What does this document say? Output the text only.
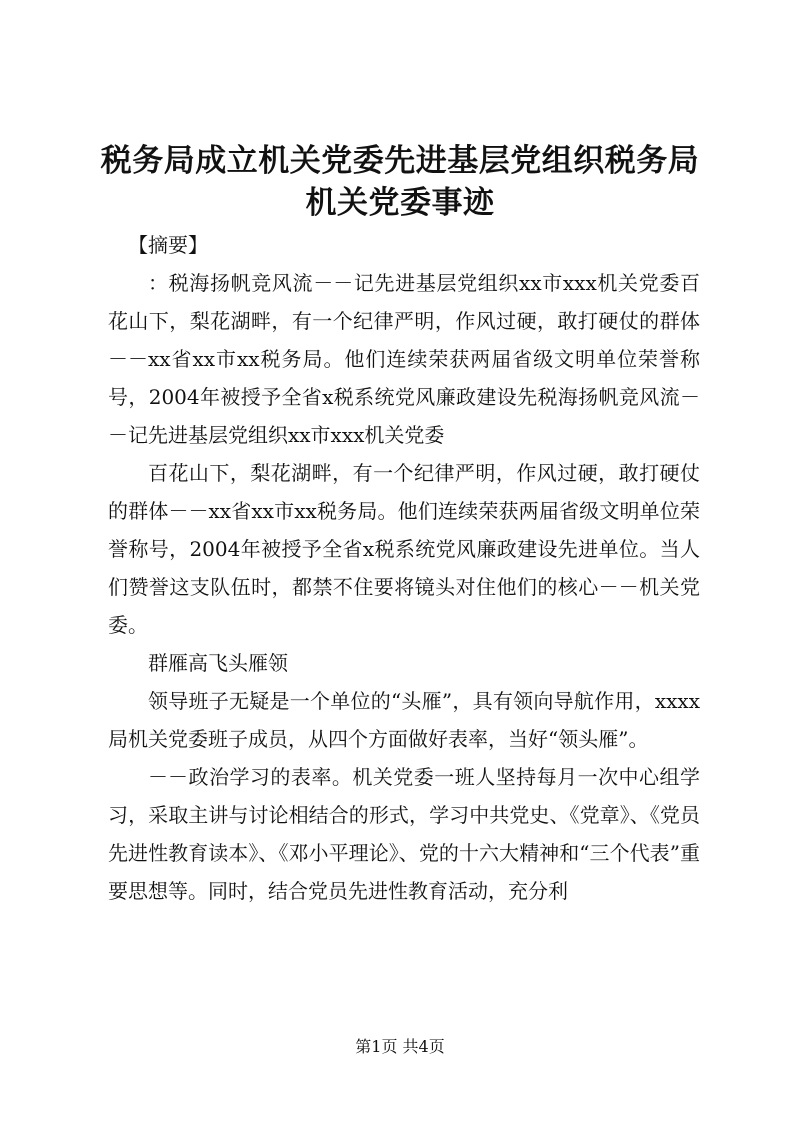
税务局成立机关党委先进基层党组织税务局机关党委事迹

【摘要】

：税海扬帆竞风流－－记先进基层党组织xx市xxx机关党委百花山下，梨花湖畔，有一个纪律严明，作风过硬，敢打硬仗的群体－－xx省xx市xx税务局。他们连续荣获两届省级文明单位荣誉称号，2004年被授予全省x税系统党风廉政建设先税海扬帆竞风流－－记先进基层党组织xx市xxx机关党委

百花山下，梨花湖畔，有一个纪律严明，作风过硬，敢打硬仗的群体－－xx省xx市xx税务局。他们连续荣获两届省级文明单位荣誉称号，2004年被授予全省x税系统党风廉政建设先进单位。当人们赞誉这支队伍时，都禁不住要将镜头对住他们的核心－－机关党委。

群雁高飞头雁领

领导班子无疑是一个单位的“头雁”，具有领向导航作用，xxxx局机关党委班子成员，从四个方面做好表率，当好“领头雁”。

－－政治学习的表率。机关党委一班人坚持每月一次中心组学习，采取主讲与讨论相结合的形式，学习中共党史、《党章》、《党员先进性教育读本》、《邓小平理论》、党的十六大精神和“三个代表”重要思想等。同时，结合党员先进性教育活动，充分利

第1页 共4页
